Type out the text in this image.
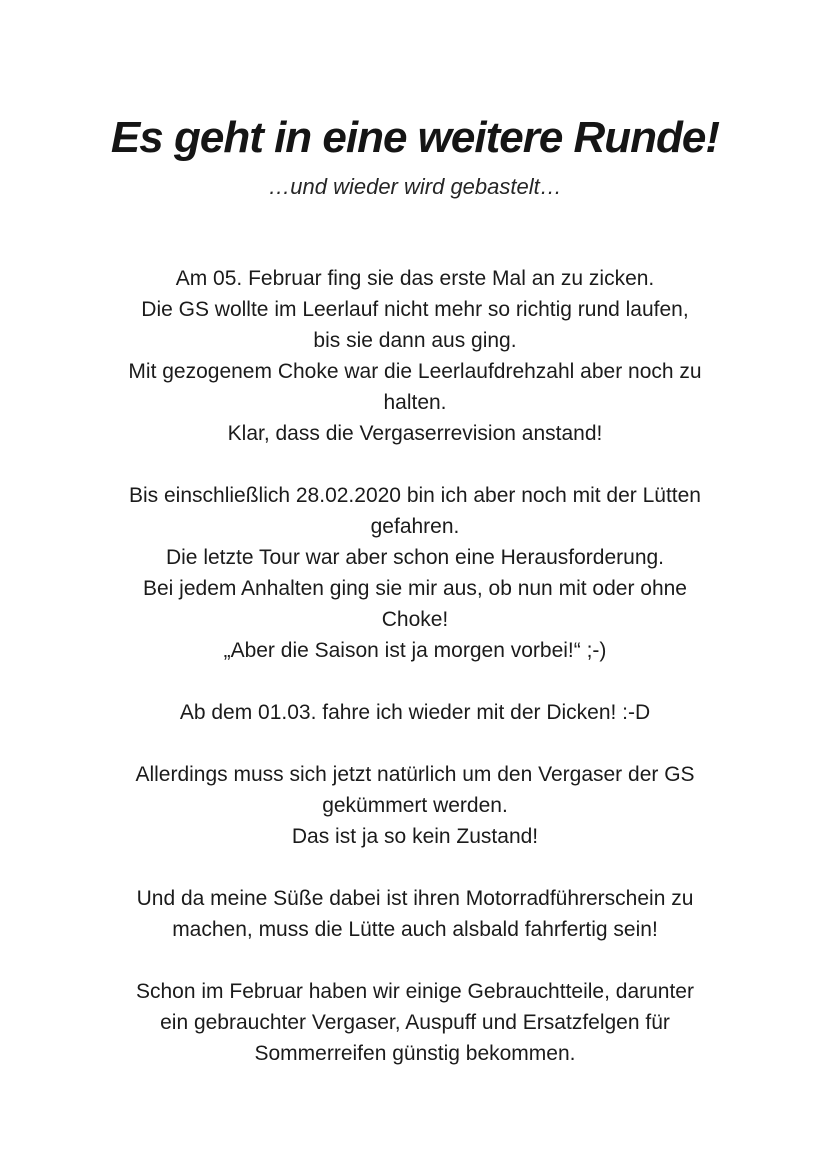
Es geht in eine weitere Runde!
…und wieder wird gebastelt…

Am 05. Februar fing sie das erste Mal an zu zicken.
Die GS wollte im Leerlauf nicht mehr so richtig rund laufen,
bis sie dann aus ging.
Mit gezogenem Choke war die Leerlaufdrehzahl aber noch zu
halten.
Klar, dass die Vergaserrevision anstand!

Bis einschließlich 28.02.2020 bin ich aber noch mit der Lütten
gefahren.
Die letzte Tour war aber schon eine Herausforderung.
Bei jedem Anhalten ging sie mir aus, ob nun mit oder ohne
Choke!
„Aber die Saison ist ja morgen vorbei!“ ;-)

Ab dem 01.03. fahre ich wieder mit der Dicken! :-D

Allerdings muss sich jetzt natürlich um den Vergaser der GS
gekümmert werden.
Das ist ja so kein Zustand!

Und da meine Süße dabei ist ihren Motorradführerschein zu
machen, muss die Lütte auch alsbald fahrfertig sein!

Schon im Februar haben wir einige Gebrauchtteile, darunter
ein gebrauchter Vergaser, Auspuff und Ersatzfelgen für
Sommerreifen günstig bekommen.
